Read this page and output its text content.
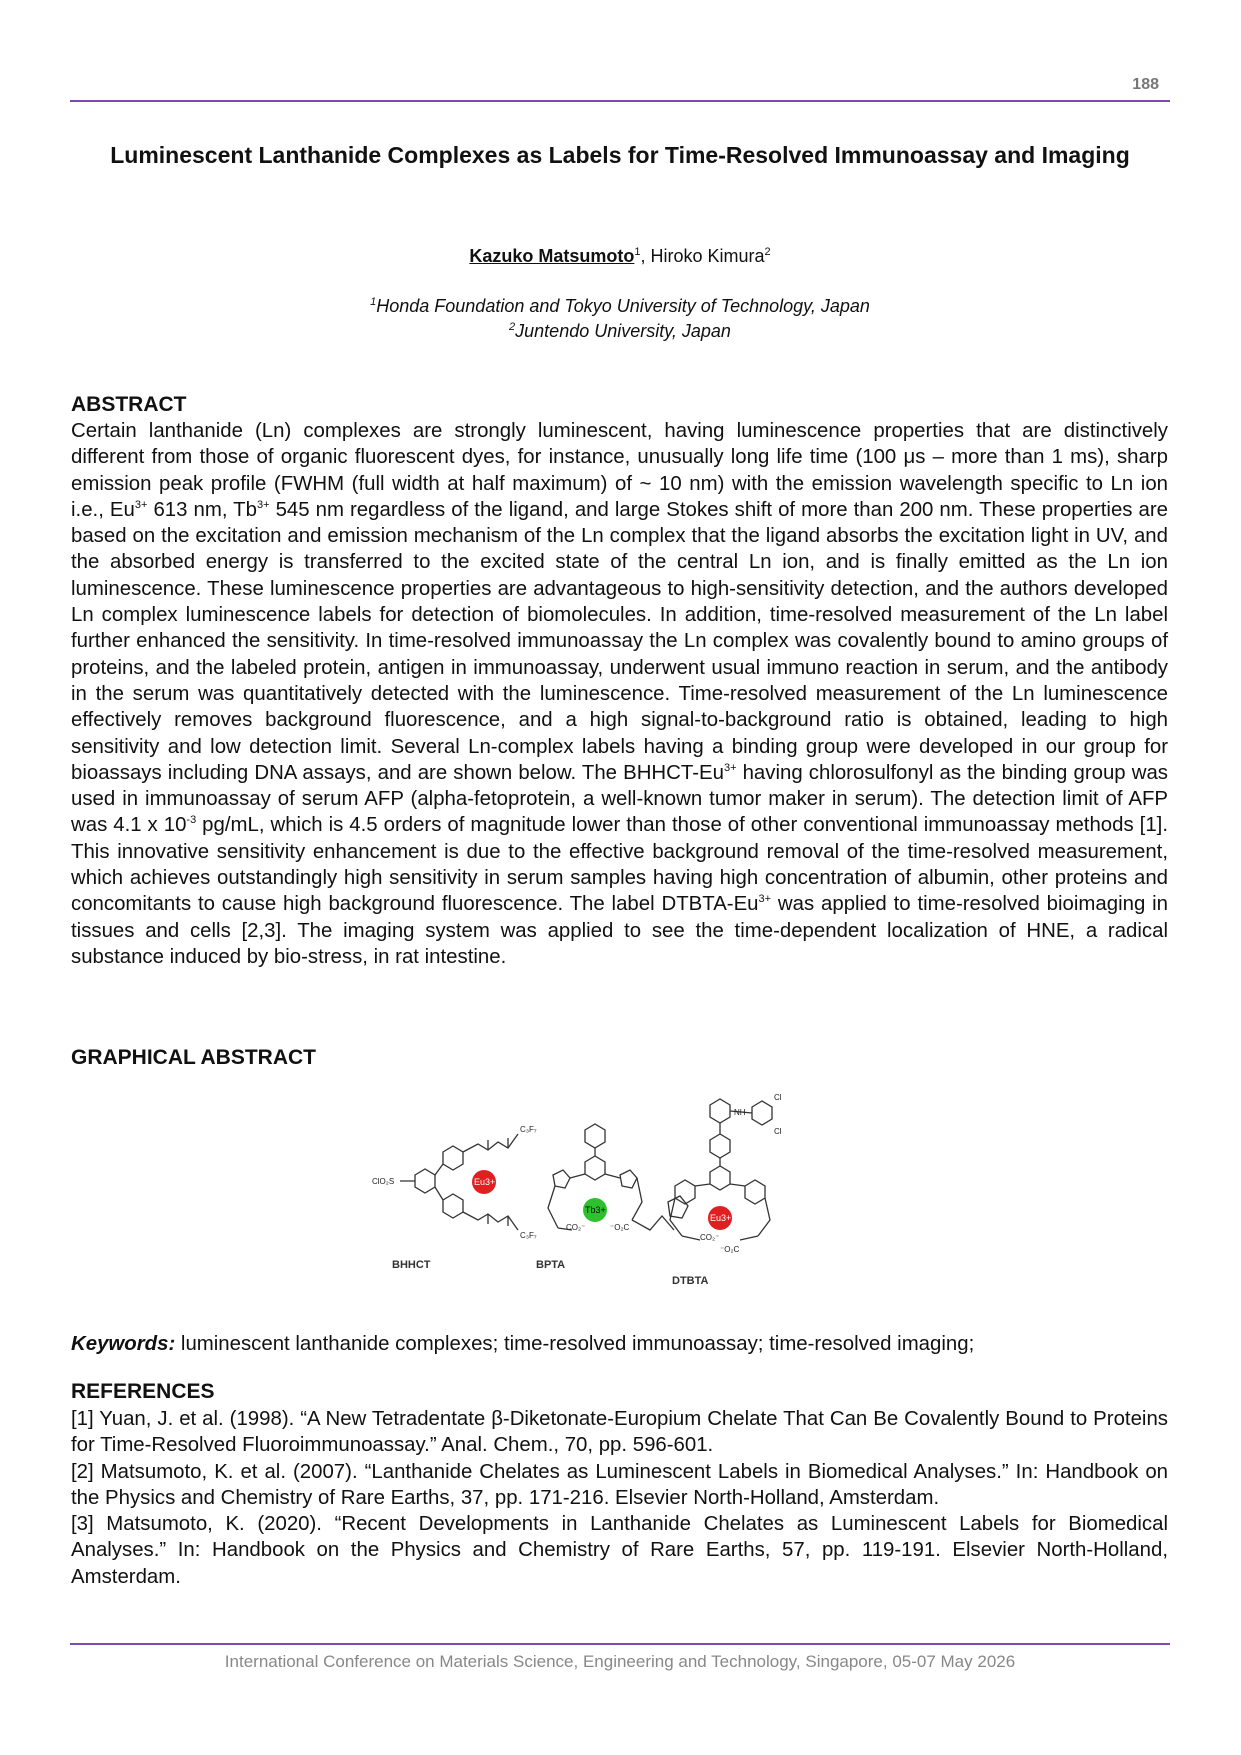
188
Luminescent Lanthanide Complexes as Labels for Time-Resolved Immunoassay and Imaging
Kazuko Matsumoto$^1$, Hiroko Kimura$^2$
$^1$Honda Foundation and Tokyo University of Technology, Japan
$^2$Juntendo University, Japan
ABSTRACT
Certain lanthanide (Ln) complexes are strongly luminescent, having luminescence properties that are distinctively different from those of organic fluorescent dyes, for instance, unusually long life time (100 μs – more than 1 ms), sharp emission peak profile (FWHM (full width at half maximum) of ~ 10 nm) with the emission wavelength specific to Ln ion i.e., $Eu^{3+}$ 613 nm, $Tb^{3+}$ 545 nm regardless of the ligand, and large Stokes shift of more than 200 nm. These properties are based on the excitation and emission mechanism of the Ln complex that the ligand absorbs the excitation light in UV, and the absorbed energy is transferred to the excited state of the central Ln ion, and is finally emitted as the Ln ion luminescence. These luminescence properties are advantageous to high-sensitivity detection, and the authors developed Ln complex luminescence labels for detection of biomolecules. In addition, time-resolved measurement of the Ln label further enhanced the sensitivity. In time-resolved immunoassay the Ln complex was covalently bound to amino groups of proteins, and the labeled protein, antigen in immunoassay, underwent usual immuno reaction in serum, and the antibody in the serum was quantitatively detected with the luminescence. Time-resolved measurement of the Ln luminescence effectively removes background fluorescence, and a high signal-to-background ratio is obtained, leading to high sensitivity and low detection limit. Several Ln-complex labels having a binding group were developed in our group for bioassays including DNA assays, and are shown below. The BHHCT-$Eu^{3+}$ having chlorosulfonyl as the binding group was used in immunoassay of serum AFP (alpha-fetoprotein, a well-known tumor maker in serum). The detection limit of AFP was 4.1 x $10^{-3}$ pg/mL, which is 4.5 orders of magnitude lower than those of other conventional immunoassay methods [1]. This innovative sensitivity enhancement is due to the effective background removal of the time-resolved measurement, which achieves outstandingly high sensitivity in serum samples having high concentration of albumin, other proteins and concomitants to cause high background fluorescence. The label DTBTA-$Eu^{3+}$ was applied to time-resolved bioimaging in tissues and cells [2,3]. The imaging system was applied to see the time-dependent localization of HNE, a radical substance induced by bio-stress, in rat intestine.
GRAPHICAL ABSTRACT
ClO₂S
C₃F₇
C₃F₇
NH
Cl
Cl
CO₂⁻	⁻O₂C
CO₂⁻
⁻O₂C
Eu3+
Tb3+
Eu3+
BHHCT	BPTA
DTBTA
Keywords: luminescent lanthanide complexes; time-resolved immunoassay; time-resolved imaging;
REFERENCES

[1] Yuan, J. et al. (1998). “A New Tetradentate β-Diketonate-Europium Chelate That Can Be Covalently Bound to Proteins for Time-Resolved Fluoroimmunoassay.” Anal. Chem., 70, pp. 596-601.

[2] Matsumoto, K. et al. (2007). “Lanthanide Chelates as Luminescent Labels in Biomedical Analyses.” In: Handbook on the Physics and Chemistry of Rare Earths, 37, pp. 171-216. Elsevier North-Holland, Amsterdam.

[3] Matsumoto, K. (2020). “Recent Developments in Lanthanide Chelates as Luminescent Labels for Biomedical Analyses.” In: Handbook on the Physics and Chemistry of Rare Earths, 57, pp. 119-191. Elsevier North-Holland, Amsterdam.

International Conference on Materials Science, Engineering and Technology, Singapore, 05-07 May 2026
